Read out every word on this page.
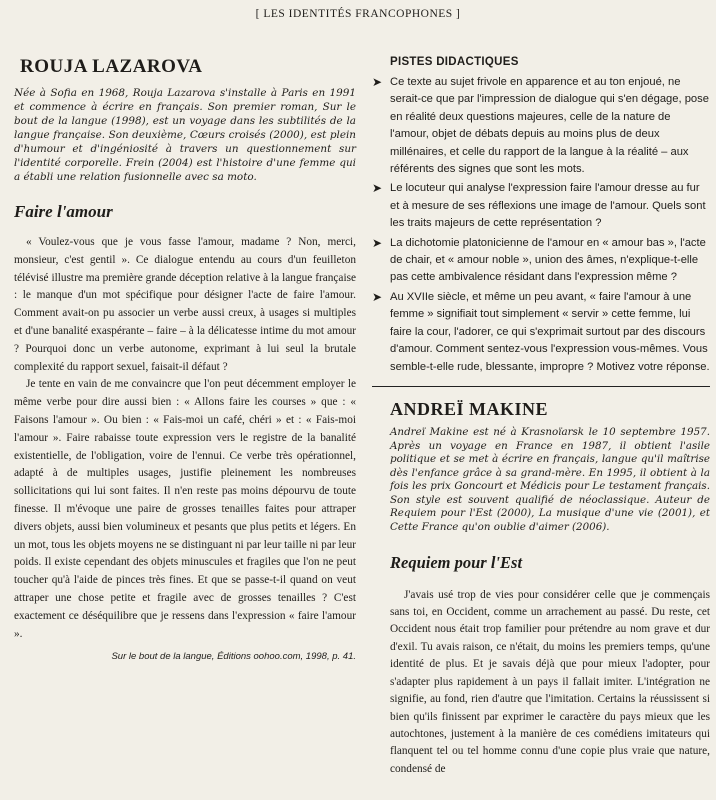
[ LES IDENTITÉS FRANCOPHONES ]
ROUJA LAZAROVA

Née à Sofia en 1968, Rouja Lazarova s'installe à Paris en 1991 et commence à écrire en français. Son premier roman, Sur le bout de la langue (1998), est un voyage dans les subtilités de la langue française. Son deuxième, Cœurs croisés (2000), est plein d'humour et d'ingéniosité à travers un questionnement sur l'identité corporelle. Frein (2004) est l'histoire d'une femme qui a établi une relation fusionnelle avec sa moto.

Faire l'amour

« Voulez-vous que je vous fasse l'amour, madame ? Non, merci, monsieur, c'est gentil ». Ce dialogue entendu au cours d'un feuilleton télévisé illustre ma première grande déception relative à la langue française : le manque d'un mot spécifique pour désigner l'acte de faire l'amour. Comment avait-on pu associer un verbe aussi creux, à usages si multiples et d'une banalité exaspérante – faire – à la délicatesse intime du mot amour ? Pourquoi donc un verbe autonome, exprimant à lui seul la brutale complexité du rapport sexuel, faisait-il défaut ?

Je tente en vain de me convaincre que l'on peut décemment employer le même verbe pour dire aussi bien : « Allons faire les courses » que : « Faisons l'amour ». Ou bien : « Fais-moi un café, chéri » et : « Fais-moi l'amour ». Faire rabaisse toute expression vers le registre de la banalité existentielle, de l'obligation, voire de l'ennui. Ce verbe très opérationnel, adapté à de multiples usages, justifie pleinement les nombreuses sollicitations qui lui sont faites. Il n'en reste pas moins dépourvu de toute finesse. Il m'évoque une paire de grosses tenailles faites pour attraper divers objets, aussi bien volumineux et pesants que plus petits et légers. En un mot, tous les objets moyens ne se distinguant ni par leur taille ni par leur poids. Il existe cependant des objets minuscules et fragiles que l'on ne peut toucher qu'à l'aide de pinces très fines. Et que se passe-t-il quand on veut attraper une chose petite et fragile avec de grosses tenailles ? C'est exactement ce déséquilibre que je ressens dans l'expression « faire l'amour ».

Sur le bout de la langue, Éditions oohoo.com, 1998, p. 41.
PISTES DIDACTIQUES
➤ Ce texte au sujet frivole en apparence et au ton enjoué, ne serait-ce que par l'impression de dialogue qui s'en dégage, pose en réalité deux questions majeures, celle de la nature de l'amour, objet de débats depuis au moins plus de deux millénaires, et celle du rapport de la langue à la réalité – aux référents des signes que sont les mots.
➤ Le locuteur qui analyse l'expression faire l'amour dresse au fur et à mesure de ses réflexions une image de l'amour. Quels sont les traits majeurs de cette représentation ?
➤ La dichotomie platonicienne de l'amour en « amour bas », l'acte de chair, et « amour noble », union des âmes, n'explique-t-elle pas cette ambivalence résidant dans l'expression même ?
➤ Au XVIIe siècle, et même un peu avant, « faire l'amour à une femme » signifiait tout simplement « servir » cette femme, lui faire la cour, l'adorer, ce qui s'exprimait surtout par des discours d'amour. Comment sentez-vous l'expression vous-mêmes. Vous semble-t-elle rude, blessante, impropre ? Motivez votre réponse.
ANDREÏ MAKINE

Andreï Makine est né à Krasnoïarsk le 10 septembre 1957. Après un voyage en France en 1987, il obtient l'asile politique et se met à écrire en français, langue qu'il maîtrise dès l'enfance grâce à sa grand-mère. En 1995, il obtient à la fois les prix Goncourt et Médicis pour Le testament français. Son style est souvent qualifié de néoclassique. Auteur de Requiem pour l'Est (2000), La musique d'une vie (2001), et Cette France qu'on oublie d'aimer (2006).

Requiem pour l'Est

J'avais usé trop de vies pour considérer celle que je commençais sans toi, en Occident, comme un arrachement au passé. Du reste, cet Occident nous était trop familier pour prétendre au nom grave et dur d'exil. Tu avais raison, ce n'était, du moins les premiers temps, qu'une identité de plus. Et je savais déjà que pour mieux l'adopter, pour s'adapter plus rapidement à un pays il fallait imiter. L'intégration ne signifie, au fond, rien d'autre que l'imitation. Certains la réussissent si bien qu'ils finissent par exprimer le caractère du pays mieux que les autochtones, justement à la manière de ces comédiens imitateurs qui flanquent tel ou tel homme connu d'une copie plus vraie que nature, condensé de
